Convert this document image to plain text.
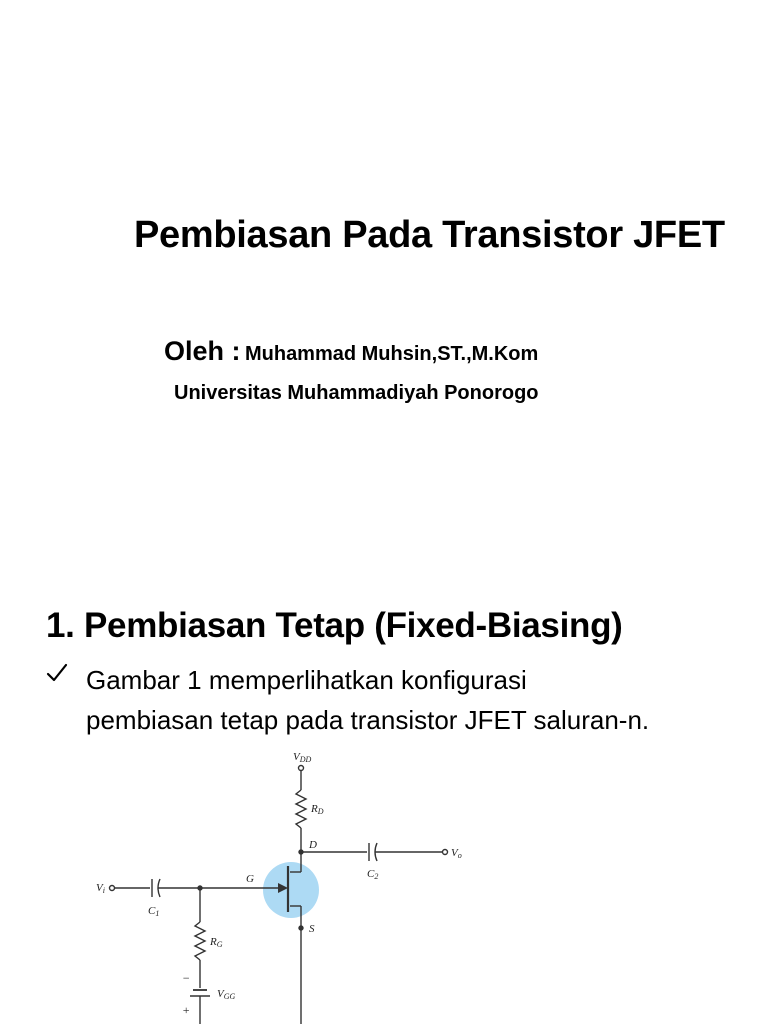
Pembiasan Pada Transistor JFET
Oleh : Muhammad Muhsin,ST.,M.Kom
Universitas Muhammadiyah Ponorogo
1. Pembiasan Tetap (Fixed-Biasing)
Gambar 1 memperlihatkan konfigurasi
pembiasan tetap pada transistor JFET saluran-n.
VDD
RD
D
G
S
Vi
Vo
C1
C2
RG
VGG
−
+
